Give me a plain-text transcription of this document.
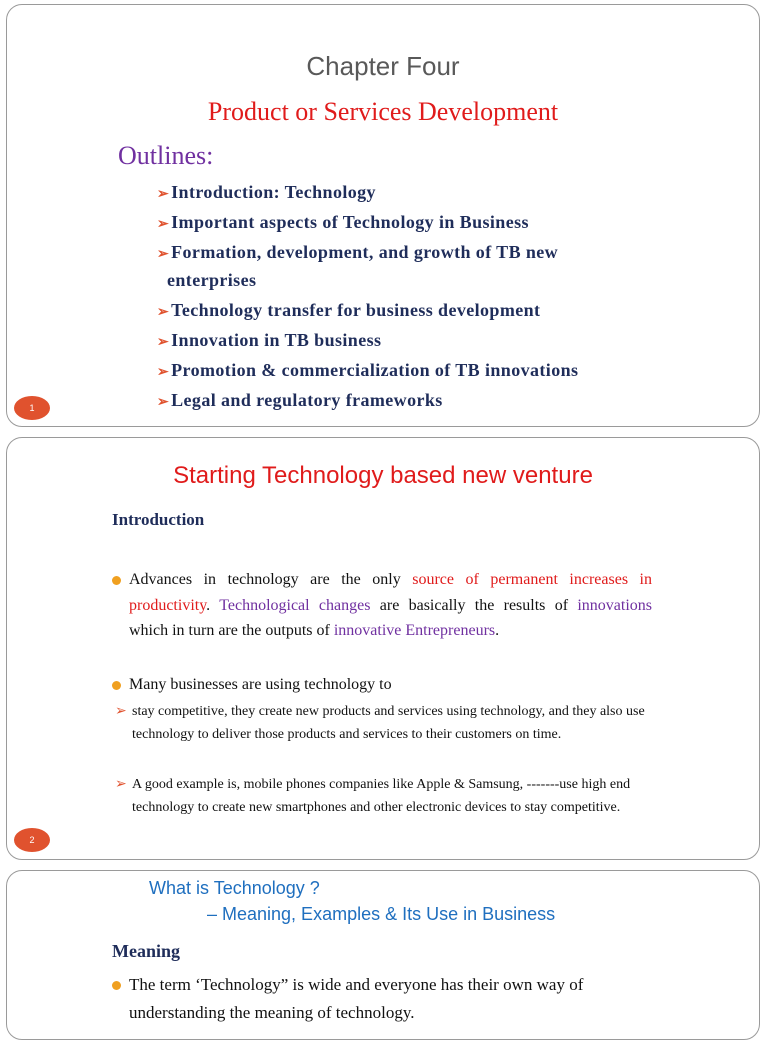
Chapter Four
Product or Services Development
Outlines:
➢ Introduction: Technology
➢ Important aspects of Technology in Business
➢ Formation, development, and growth of TB new
enterprises
➢ Technology transfer for business development
➢ Innovation in TB business
➢ Promotion & commercialization of TB innovations
➢ Legal and regulatory frameworks
1
Starting Technology based new venture
Introduction
Advances in technology are the only source of permanent increases in productivity. Technological changes are basically the results of innovations which in turn are the outputs of innovative Entrepreneurs.
Many businesses are using technology to
➢ stay competitive, they create new products and services using technology, and they also use technology to deliver those products and services to their customers on time.
➢ A good example is, mobile phones companies like Apple & Samsung, -------use high end technology to create new smartphones and other electronic devices to stay competitive.
2
What is Technology ?
– Meaning, Examples & Its Use in Business
Meaning
The term ‘Technology” is wide and everyone has their own way of understanding the meaning of technology.
